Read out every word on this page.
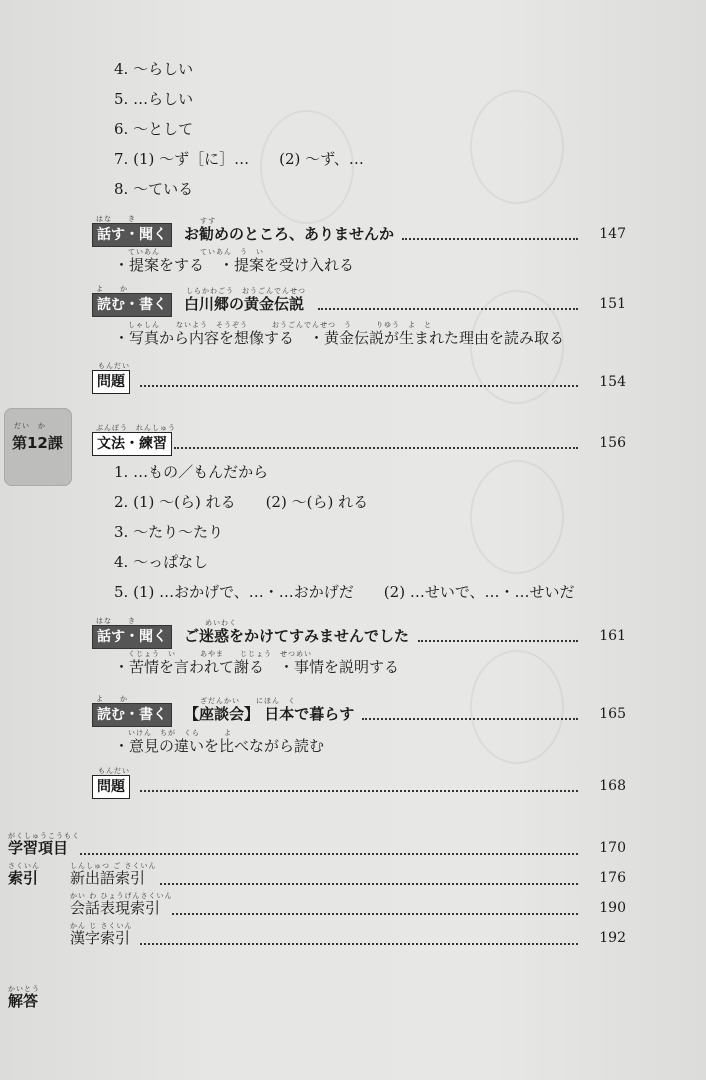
4. 〜らしい
5. …らしい
6. 〜として
7. (1) 〜ず［に］…　　(2) 〜ず、…
8. 〜ている
はな　　き
話す・聞く
すす
お勧めのところ、ありませんか	147
ていあん　　　　　ていあん　う　い
・提案をする　・提案を受け入れる
よ　　か
読む・書く
しらかわごう　おうごんでんせつ
白川郷の黄金伝説	151
しゃしん　　ないよう　そうぞう　　　おうごんでんせつ　う　　　りゆう　よ　と
・写真から内容を想像する　・黄金伝説が生まれた理由を読み取る
もんだい
問題	154
だい　か
第12課
ぶんぽう　れんしゅう
文法・練習	156
1. …もの／もんだから
2. (1) 〜(ら) れる　　(2) 〜(ら) れる
3. 〜たり〜たり
4. 〜っぱなし
5. (1) …おかげで、…・…おかげだ　　(2) …せいで、…・…せいだ
はな　　き
話す・聞く
めいわく
ご迷惑をかけてすみませんでした	161
くじょう　い　　　あやま　　じじょう　せつめい
・苦情を言われて謝る　・事情を説明する
よ　　か
読む・書く
ざだんかい　　にほん　く
【座談会】 日本で暮らす	165
いけん　ちが　くら　　　よ
・意見の違いを比べながら読む
もんだい
問題	168
がくしゅうこうもく
学習項目	170
さくいん
索引
しんしゅつ ご さくいん
新出語索引	176
かい わ ひょうげんさくいん
会話表現索引	190
かん じ さくいん
漢字索引	192
かいとう
解答
